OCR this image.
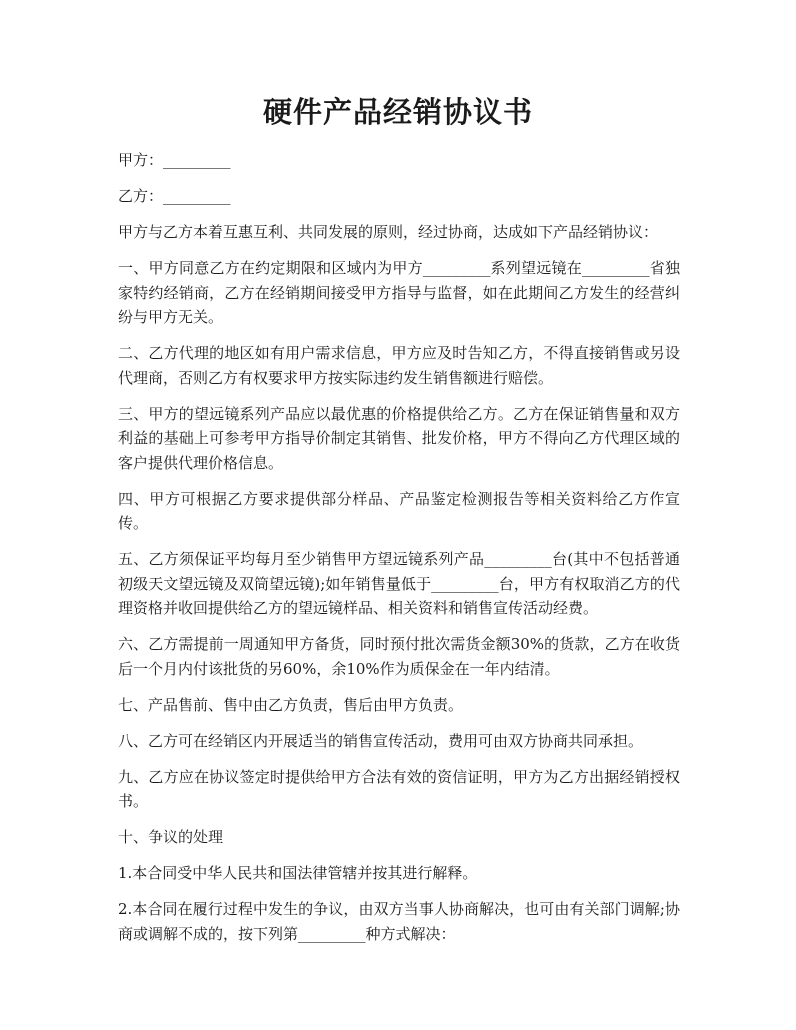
硬件产品经销协议书

甲方：_________

乙方：_________

甲方与乙方本着互惠互利、共同发展的原则，经过协商，达成如下产品经销协议：

一、甲方同意乙方在约定期限和区域内为甲方_________系列望远镜在_________省独家特约经销商，乙方在经销期间接受甲方指导与监督，如在此期间乙方发生的经营纠纷与甲方无关。

二、乙方代理的地区如有用户需求信息，甲方应及时告知乙方，不得直接销售或另设代理商，否则乙方有权要求甲方按实际违约发生销售额进行赔偿。

三、甲方的望远镜系列产品应以最优惠的价格提供给乙方。乙方在保证销售量和双方利益的基础上可参考甲方指导价制定其销售、批发价格，甲方不得向乙方代理区域的客户提供代理价格信息。

四、甲方可根据乙方要求提供部分样品、产品鉴定检测报告等相关资料给乙方作宣传。

五、乙方须保证平均每月至少销售甲方望远镜系列产品_________台(其中不包括普通初级天文望远镜及双筒望远镜);如年销售量低于_________台，甲方有权取消乙方的代理资格并收回提供给乙方的望远镜样品、相关资料和销售宣传活动经费。

六、乙方需提前一周通知甲方备货，同时预付批次需货金额30%的货款，乙方在收货后一个月内付该批货的另60%，余10%作为质保金在一年内结清。

七、产品售前、售中由乙方负责，售后由甲方负责。

八、乙方可在经销区内开展适当的销售宣传活动，费用可由双方协商共同承担。

九、乙方应在协议签定时提供给甲方合法有效的资信证明，甲方为乙方出据经销授权书。

十、争议的处理

1.本合同受中华人民共和国法律管辖并按其进行解释。

2.本合同在履行过程中发生的争议，由双方当事人协商解决，也可由有关部门调解;协商或调解不成的，按下列第_________种方式解决：
